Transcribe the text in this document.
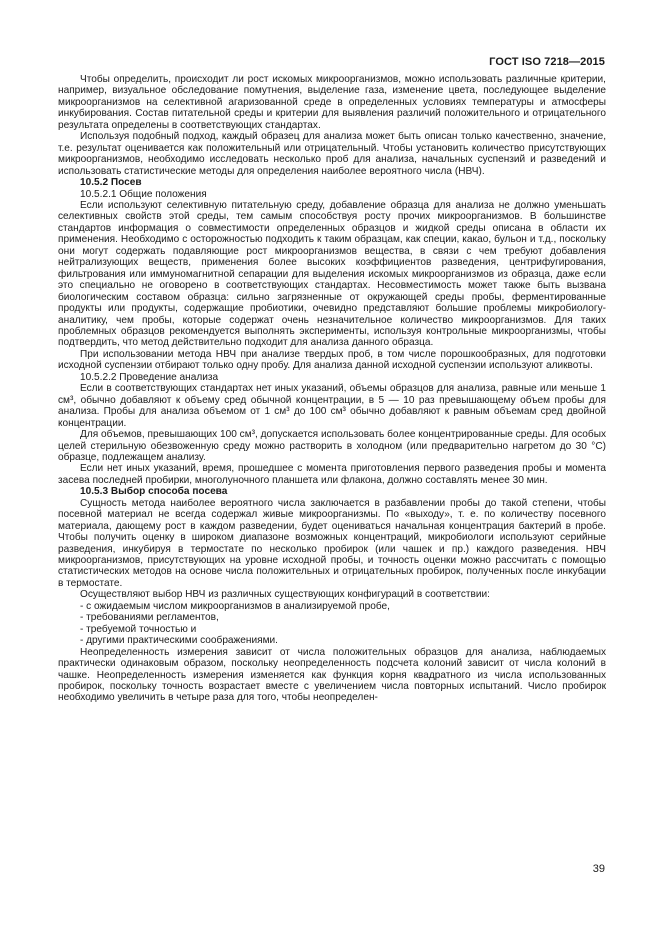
ГОСТ ISO 7218—2015

Чтобы определить, происходит ли рост искомых микроорганизмов, можно использовать различные критерии, например, визуальное обследование помутнения, выделение газа, изменение цвета, последующее выделение микроорганизмов на селективной агаризованной среде в определенных условиях температуры и атмосферы инкубирования. Состав питательной среды и критерии для выявления различий положительного и отрицательного результата определены в соответствующих стандартах.

Используя подобный подход, каждый образец для анализа может быть описан только качественно, значение, т.е. результат оценивается как положительный или отрицательный. Чтобы установить количество присутствующих микроорганизмов, необходимо исследовать несколько проб для анализа, начальных суспензий и разведений и использовать статистические методы для определения наиболее вероятного числа (НВЧ).

10.5.2 Посев

10.5.2.1 Общие положения

Если используют селективную питательную среду, добавление образца для анализа не должно уменьшать селективных свойств этой среды, тем самым способствуя росту прочих микроорганизмов. В большинстве стандартов информация о совместимости определенных образцов и жидкой среды описана в области их применения. Необходимо с осторожностью подходить к таким образцам, как специи, какао, бульон и т.д., поскольку они могут содержать подавляющие рост микроорганизмов вещества, в связи с чем требуют добавления нейтрализующих веществ, применения более высоких коэффициентов разведения, центрифугирования, фильтрования или иммуномагнитной сепарации для выделения искомых микроорганизмов из образца, даже если это специально не оговорено в соответствующих стандартах. Несовместимость может также быть вызвана биологическим составом образца: сильно загрязненные от окружающей среды пробы, ферментированные продукты или продукты, содержащие пробиотики, очевидно представляют большие проблемы микробиологу-аналитику, чем пробы, которые содержат очень незначительное количество микроорганизмов. Для таких проблемных образцов рекомендуется выполнять эксперименты, используя контрольные микроорганизмы, чтобы подтвердить, что метод действительно подходит для анализа данного образца.

При использовании метода НВЧ при анализе твердых проб, в том числе порошкообразных, для подготовки исходной суспензии отбирают только одну пробу. Для анализа данной исходной суспензии используют аликвоты.

10.5.2.2 Проведение анализа

Если в соответствующих стандартах нет иных указаний, объемы образцов для анализа, равные или меньше 1 см³, обычно добавляют к объему сред обычной концентрации, в 5 — 10 раз превышающему объем пробы для анализа. Пробы для анализа объемом от 1 см³ до 100 см³ обычно добавляют к равным объемам сред двойной концентрации.

Для объемов, превышающих 100 см³, допускается использовать более концентрированные среды. Для особых целей стерильную обезвоженную среду можно растворить в холодном (или предварительно нагретом до 30 °C) образце, подлежащем анализу.

Если нет иных указаний, время, прошедшее с момента приготовления первого разведения пробы и момента засева последней пробирки, многолуночного планшета или флакона, должно составлять менее 30 мин.

10.5.3 Выбор способа посева

Сущность метода наиболее вероятного числа заключается в разбавлении пробы до такой степени, чтобы посевной материал не всегда содержал живые микроорганизмы. По «выходу», т. е. по количеству посевного материала, дающему рост в каждом разведении, будет оцениваться начальная концентрация бактерий в пробе. Чтобы получить оценку в широком диапазоне возможных концентраций, микробиологи используют серийные разведения, инкубируя в термостате по несколько пробирок (или чашек и пр.) каждого разведения. НВЧ микроорганизмов, присутствующих на уровне исходной пробы, и точность оценки можно рассчитать с помощью статистических методов на основе числа положительных и отрицательных пробирок, полученных после инкубации в термостате.

Осуществляют выбор НВЧ из различных существующих конфигураций в соответствии:

- с ожидаемым числом микроорганизмов в анализируемой пробе,

- требованиями регламентов,

- требуемой точностью и

- другими практическими соображениями.

Неопределенность измерения зависит от числа положительных образцов для анализа, наблюдаемых практически одинаковым образом, поскольку неопределенность подсчета колоний зависит от числа колоний в чашке. Неопределенность измерения изменяется как функция корня квадратного из числа использованных пробирок, поскольку точность возрастает вместе с увеличением числа повторных испытаний. Число пробирок необходимо увеличить в четыре раза для того, чтобы неопределен-

39
